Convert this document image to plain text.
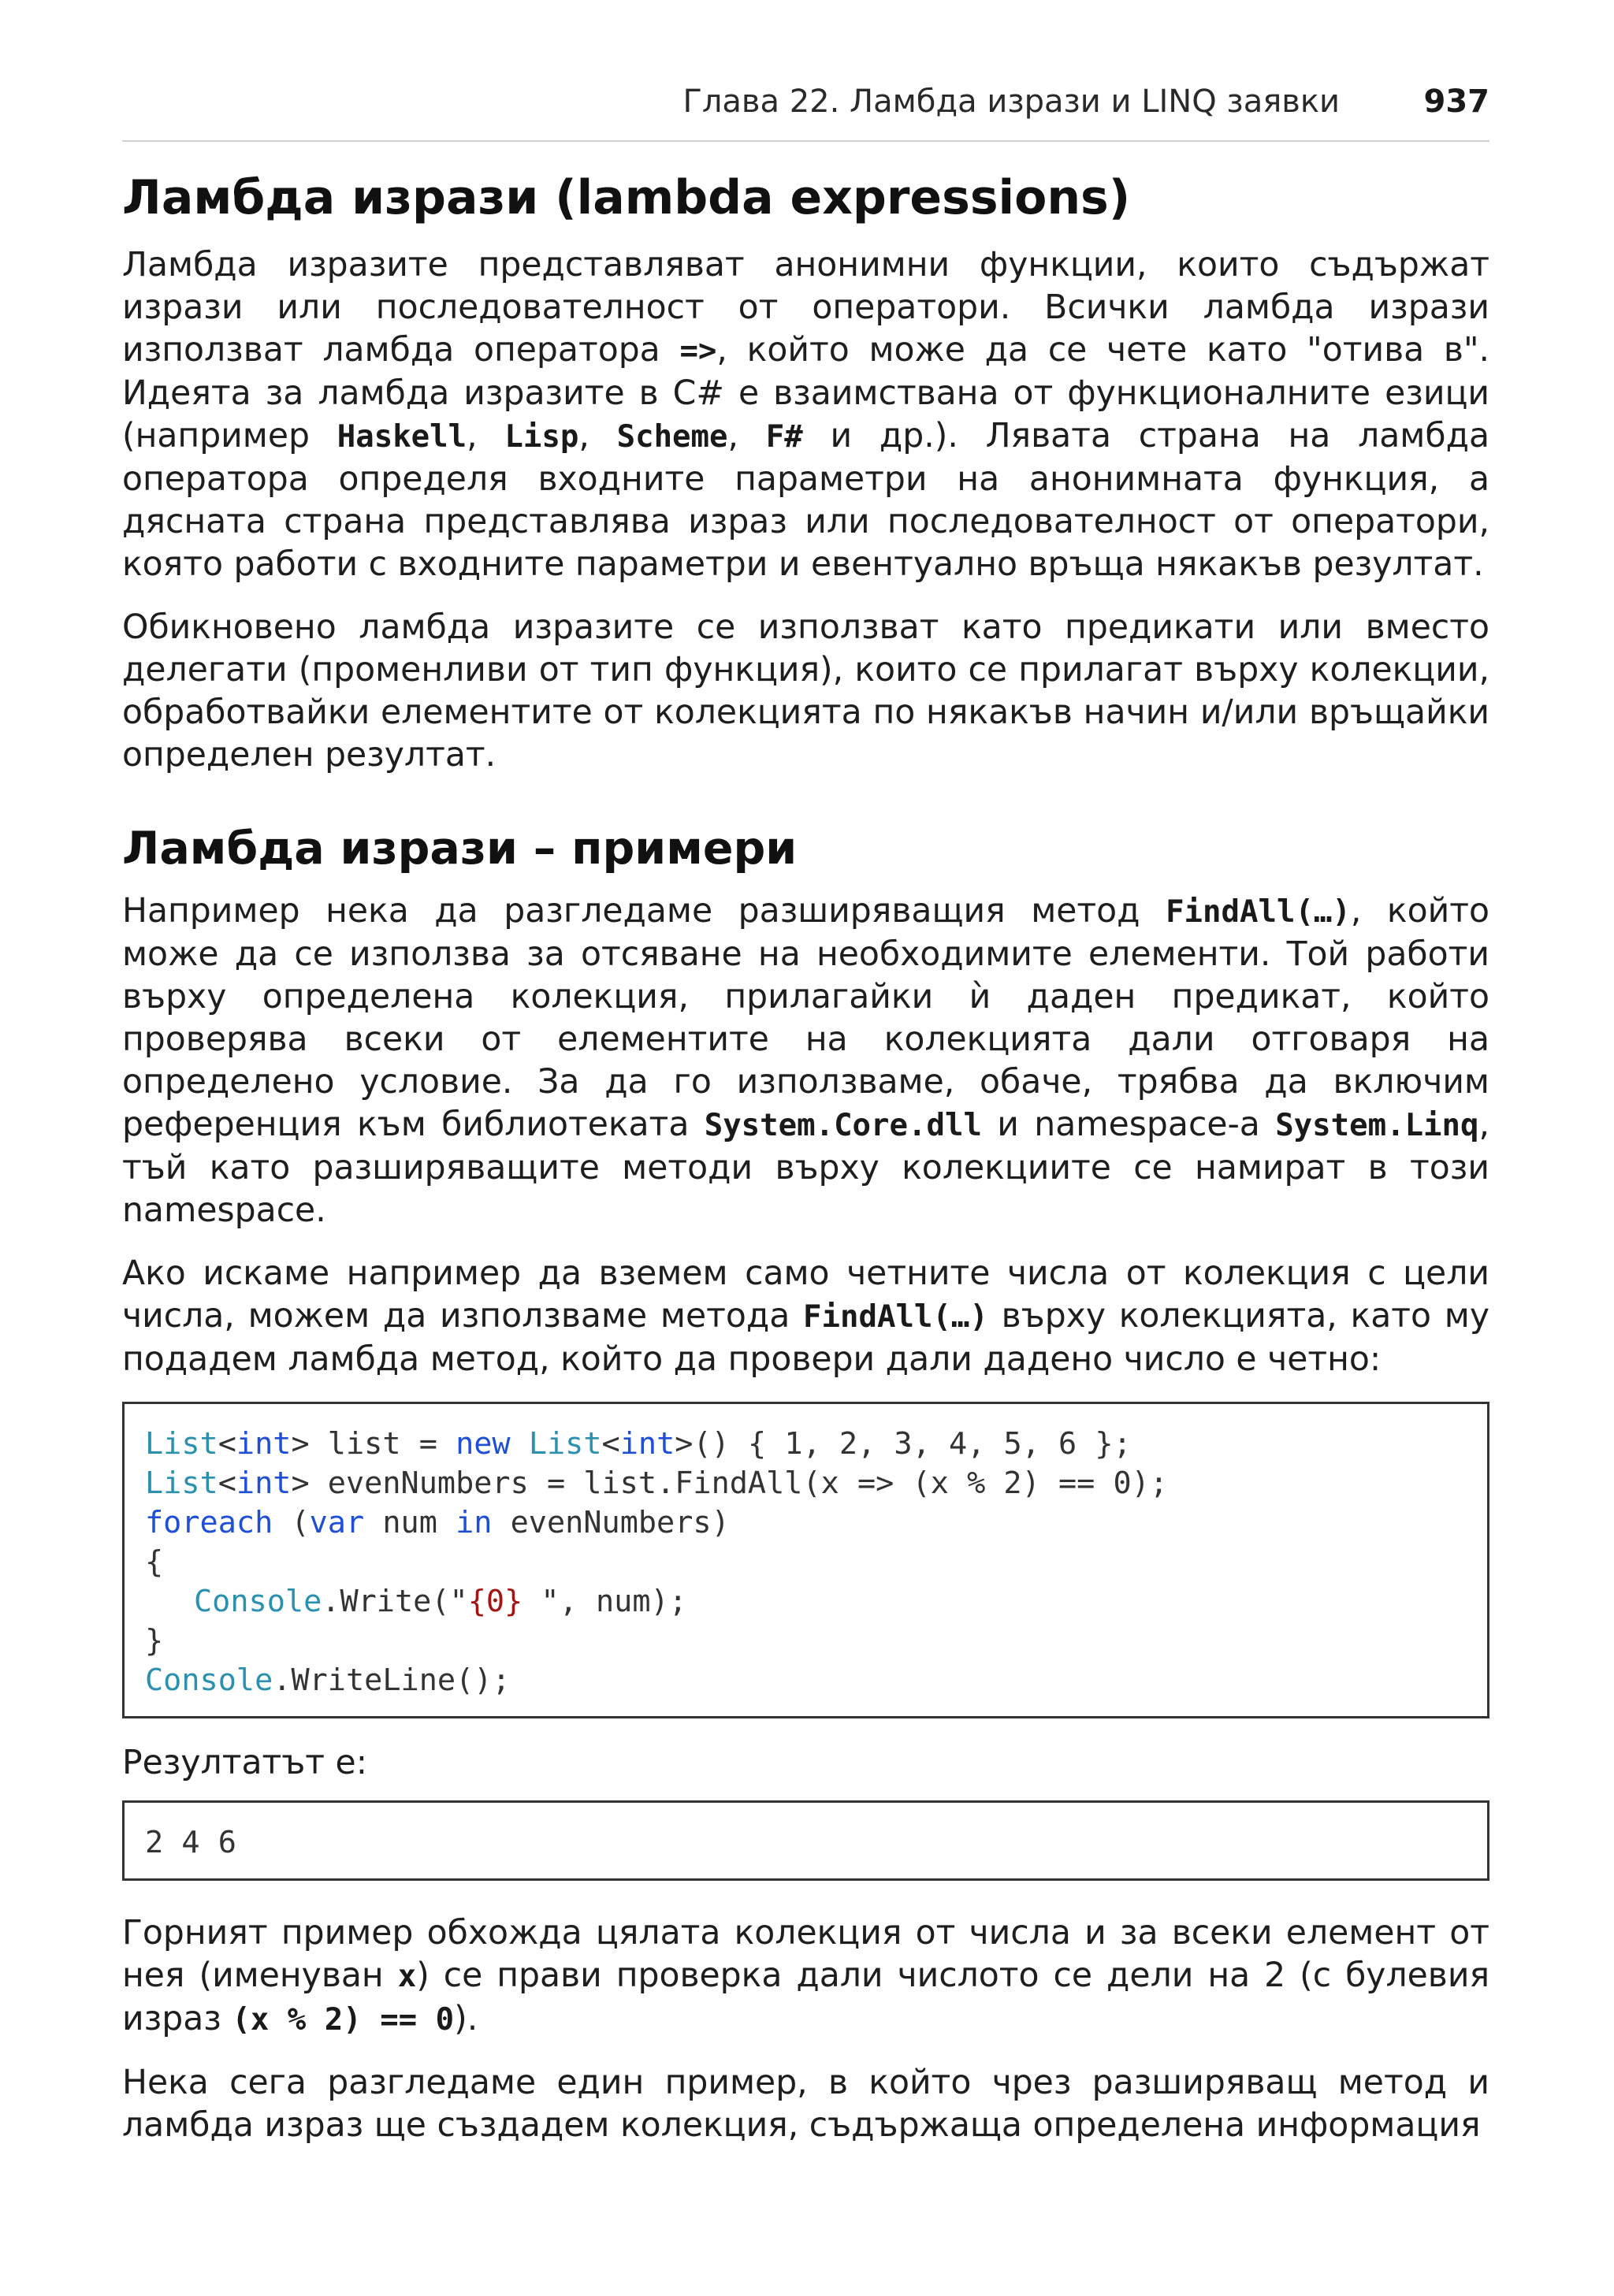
Глава 22. Ламбда изрази и LINQ заявки	937
Ламбда изрази (lambda expressions)

Ламбда изразите представляват анонимни функции, които съдържат изрази или последователност от оператори. Всички ламбда изрази използват ламбда оператора =>, който може да се чете като "отива в". Идеята за ламбда изразите в C# е взаимствана от функционалните езици (например Haskell, Lisp, Scheme, F# и др.). Лявата страна на ламбда оператора определя входните параметри на анонимната функция, а дясната страна представлява израз или последователност от оператори, която работи с входните параметри и евентуално връща някакъв резултат.

Обикновено ламбда изразите се използват като предикати или вместо делегати (променливи от тип функция), които се прилагат върху колекции, обработвайки елементите от колекцията по някакъв начин и/или връщайки определен резултат.

Ламбда изрази – примери

Например нека да разгледаме разширяващия метод FindAll(…), който може да се използва за отсяване на необходимите елементи. Той работи върху определена колекция, прилагайки ѝ даден предикат, който проверява всеки от елементите на колекцията дали отговаря на определено условие. За да го използваме, обаче, трябва да включим референция към библиотеката System.Core.dll и namespace-a System.Linq, тъй като разширяващите методи върху колекциите се намират в този namespace.

Ако искаме например да вземем само четните числа от колекция с цели числа, можем да използваме метода FindAll(…) върху колекцията, като му подадем ламбда метод, който да провери дали дадено число е четно:

List<int> list = new List<int>() { 1, 2, 3, 4, 5, 6 };
List<int> evenNumbers = list.FindAll(x => (x % 2) == 0);
foreach (var num in evenNumbers)
{
Console.Write("{0} ", num);
}
Console.WriteLine();

Резултатът е:

2 4 6

Горният пример обхожда цялата колекция от числа и за всеки елемент от нея (именуван x) се прави проверка дали числото се дели на 2 (с булевия израз (x % 2) == 0).

Нека сега разгледаме един пример, в който чрез разширяващ метод и ламбда израз ще създадем колекция, съдържаща определена информация
